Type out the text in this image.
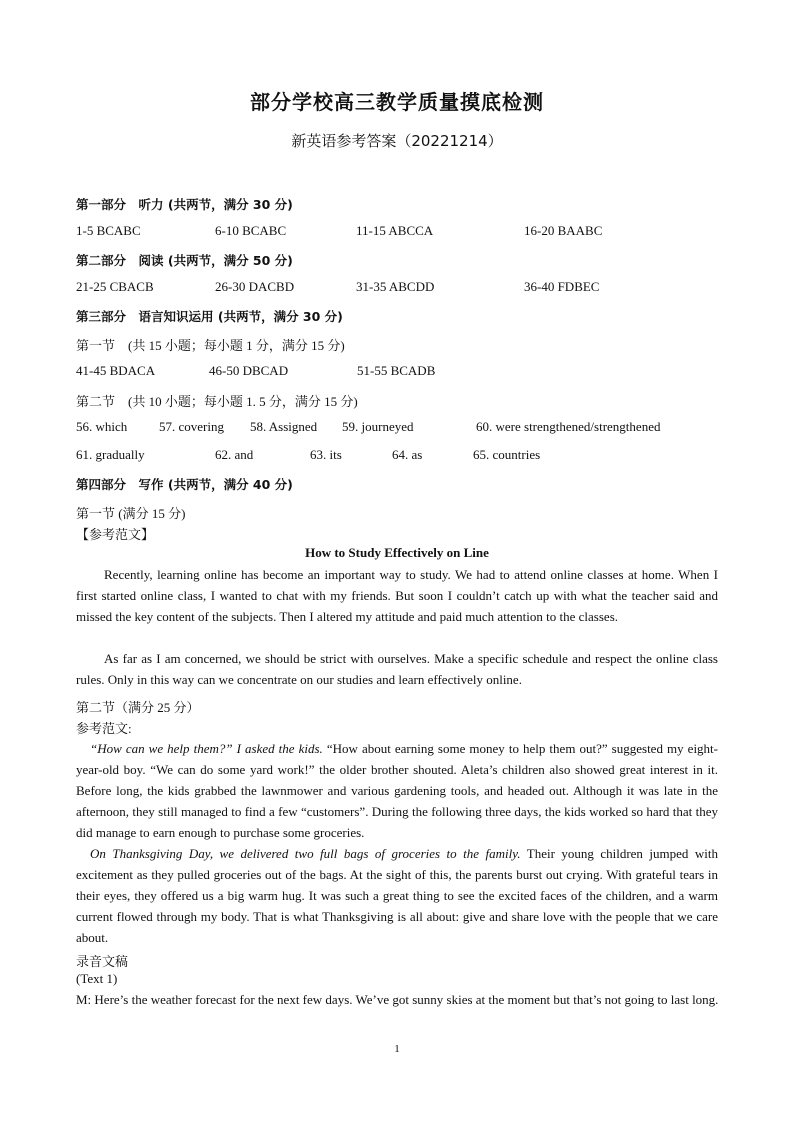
部分学校高三教学质量摸底检测
新英语参考答案（20221214）
第一部分　听力 (共两节，满分 30 分)
1-5 BCABC	6-10 BCABC	11-15 ABCCA	16-20 BAABC
第二部分　阅读 (共两节，满分 50 分)
21-25 CBACB	26-30 DACBD	31-35 ABCDD	36-40 FDBEC
第三部分　语言知识运用 (共两节，满分 30 分)
第一节　(共 15 小题；每小题 1 分，满分 15 分)
41-45 BDACA	46-50 DBCAD	51-55 BCADB
第二节　(共 10 小题；每小题 1. 5 分，满分 15 分)
56. which 57. covering 58. Assigned 59. journeyed	60. were strengthened/strengthened
61. gradually	62. and	63. its	64. as	65. countries
第四部分　写作 (共两节，满分 40 分)
第一节 (满分 15 分)
【参考范文】
How to Study Effectively on Line
Recently, learning online has become an important way to study. We had to attend online classes at home. When I first started online class, I wanted to chat with my friends. But soon I couldn’t catch up with what the teacher said and missed the key content of the subjects. Then I altered my attitude and paid much attention to the classes.
As far as I am concerned, we should be strict with ourselves. Make a specific schedule and respect the online class rules. Only in this way can we concentrate on our studies and learn effectively online.
第二节（满分 25 分）
参考范文:
“How can we help them?” I asked the kids. “How about earning some money to help them out?” suggested my eight-year-old boy. “We can do some yard work!” the older brother shouted. Aleta’s children also showed great interest in it. Before long, the kids grabbed the lawnmower and various gardening tools, and headed out. Although it was late in the afternoon, they still managed to find a few “customers”. During the following three days, the kids worked so hard that they did manage to earn enough to purchase some groceries.
On Thanksgiving Day, we delivered two full bags of groceries to the family. Their young children jumped with excitement as they pulled groceries out of the bags. At the sight of this, the parents burst out crying. With grateful tears in their eyes, they offered us a big warm hug. It was such a great thing to see the excited faces of the children, and a warm current flowed through my body. That is what Thanksgiving is all about: give and share love with the people that we care about.
录音文稿
(Text 1)
M: Here’s the weather forecast for the next few days. We’ve got sunny skies at the moment but that’s not going to last long.
1
